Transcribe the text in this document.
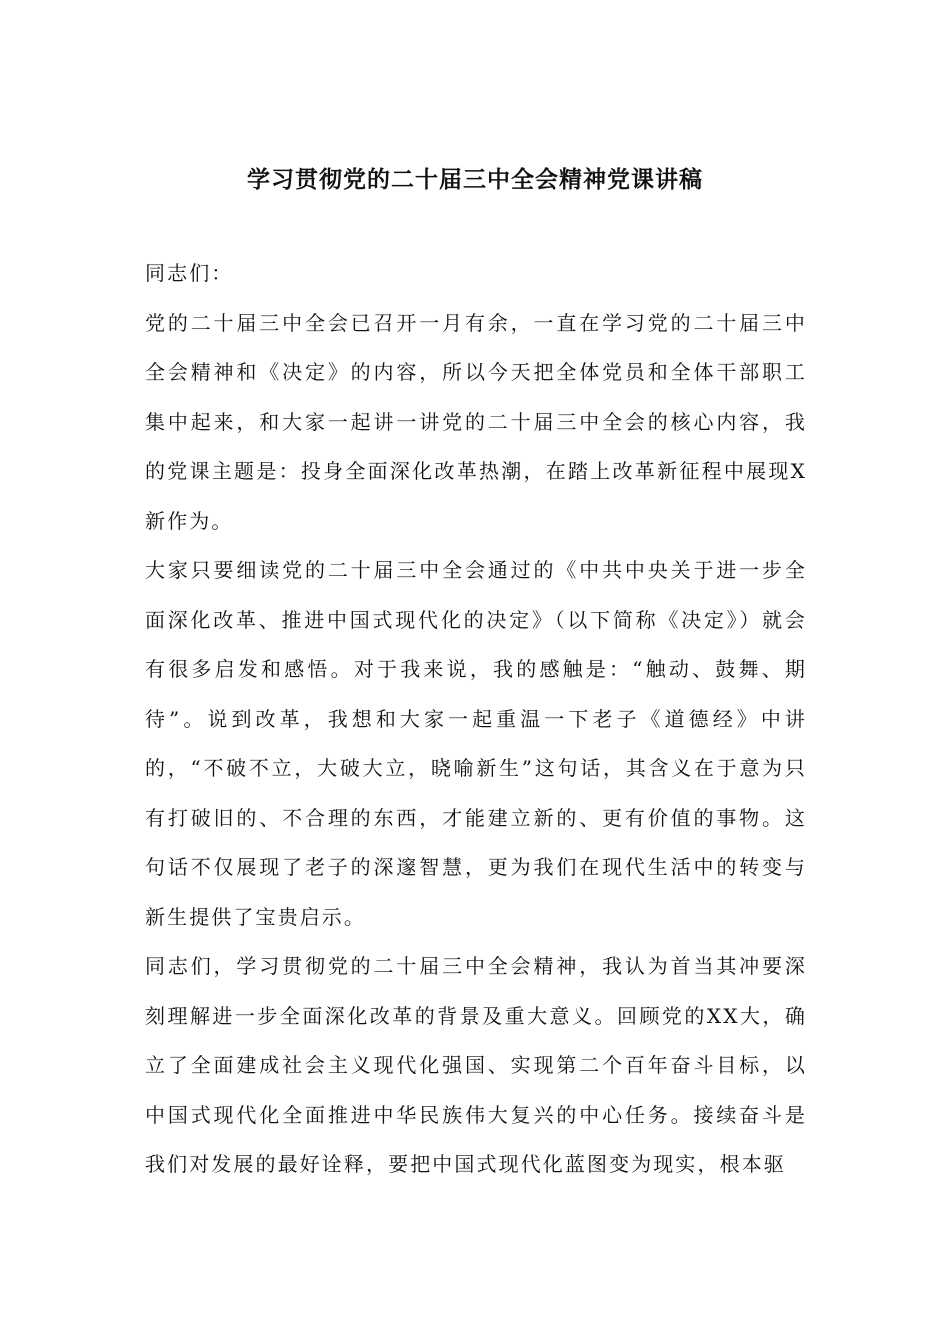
学习贯彻党的二十届三中全会精神党课讲稿

同志们：

党的二十届三中全会已召开一月有余，一直在学习党的二十届三中全会精神和《决定》的内容，所以今天把全体党员和全体干部职工集中起来，和大家一起讲一讲党的二十届三中全会的核心内容，我的党课主题是：投身全面深化改革热潮，在踏上改革新征程中展现X新作为。

大家只要细读党的二十届三中全会通过的《中共中央关于进一步全面深化改革、推进中国式现代化的决定》（以下简称《决定》）就会有很多启发和感悟。对于我来说，我的感触是：“触动、鼓舞、期待”。说到改革，我想和大家一起重温一下老子《道德经》中讲的，“不破不立，大破大立，晓喻新生”这句话，其含义在于意为只有打破旧的、不合理的东西，才能建立新的、更有价值的事物。这句话不仅展现了老子的深邃智慧，更为我们在现代生活中的转变与新生提供了宝贵启示。

同志们，学习贯彻党的二十届三中全会精神，我认为首当其冲要深刻理解进一步全面深化改革的背景及重大意义。回顾党的XX大，确立了全面建成社会主义现代化强国、实现第二个百年奋斗目标，以中国式现代化全面推进中华民族伟大复兴的中心任务。接续奋斗是我们对发展的最好诠释，要把中国式现代化蓝图变为现实，根本驱
